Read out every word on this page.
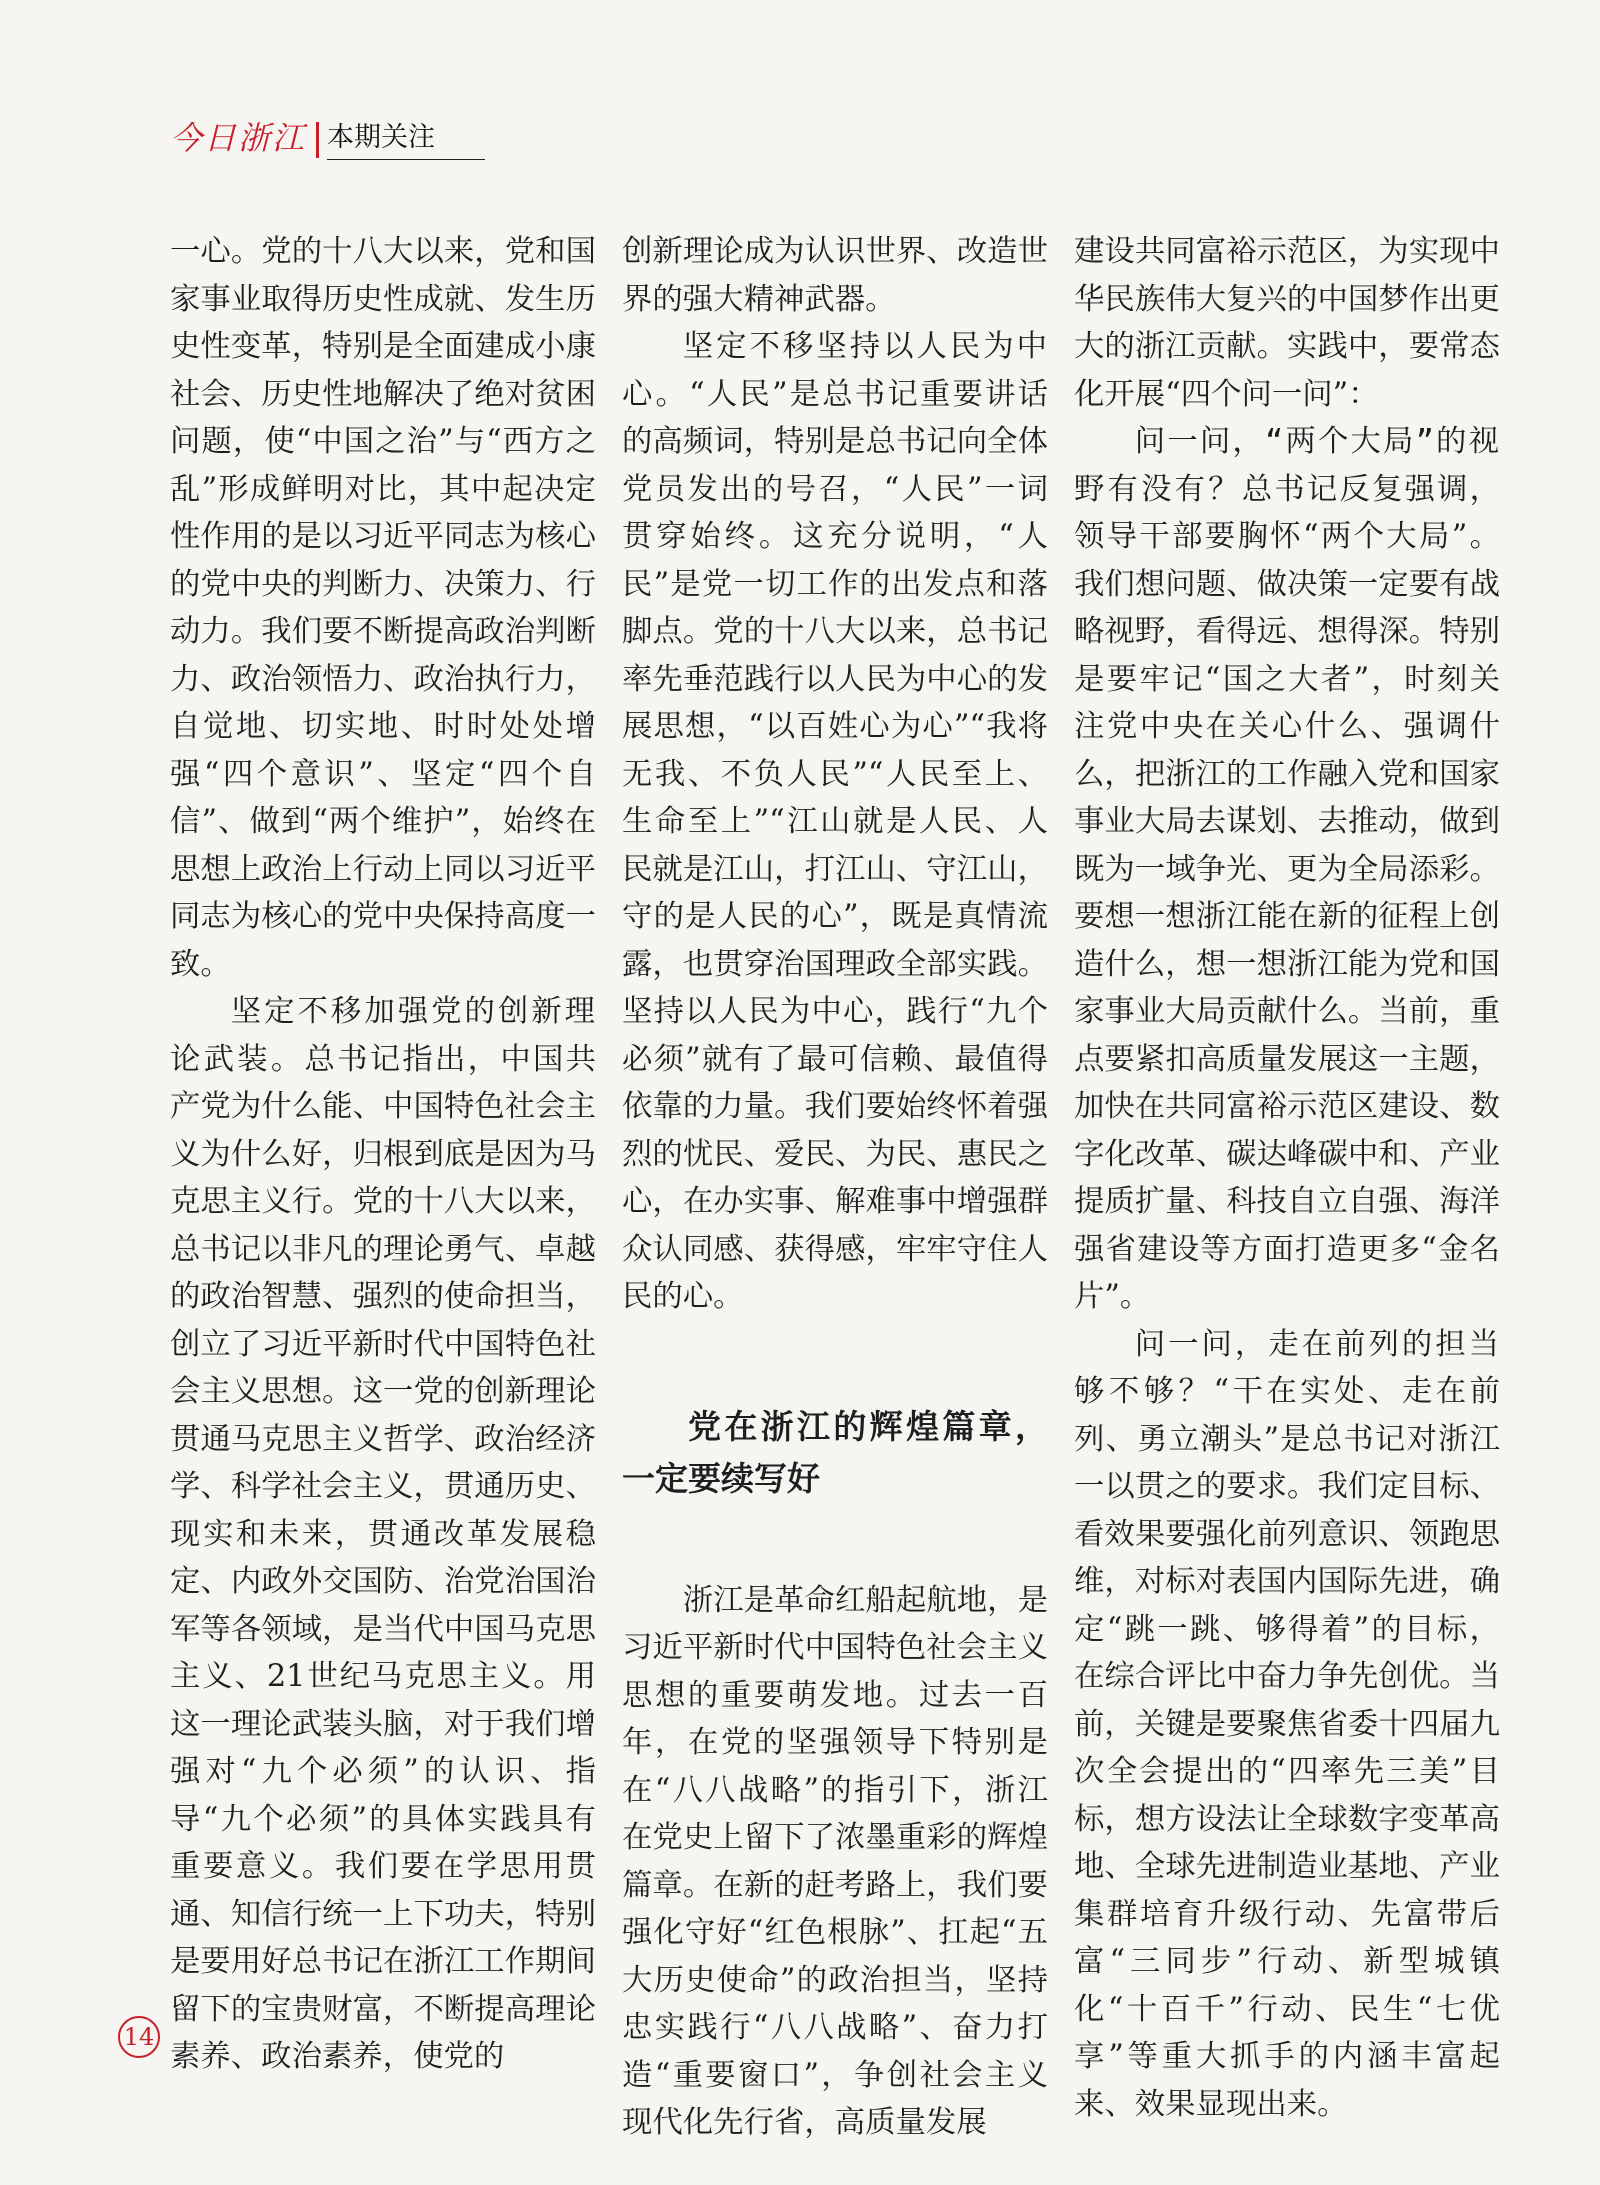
今日浙江 本期关注

一心。党的十八大以来，党和国家事业取得历史性成就、发生历史性变革，特别是全面建成小康社会、历史性地解决了绝对贫困问题，使“中国之治”与“西方之乱”形成鲜明对比，其中起决定性作用的是以习近平同志为核心的党中央的判断力、决策力、行动力。我们要不断提高政治判断力、政治领悟力、政治执行力，自觉地、切实地、时时处处增强“四个意识”、坚定“四个自信”、做到“两个维护”，始终在思想上政治上行动上同以习近平同志为核心的党中央保持高度一致。

坚定不移加强党的创新理论武装。总书记指出，中国共产党为什么能、中国特色社会主义为什么好，归根到底是因为马克思主义行。党的十八大以来，总书记以非凡的理论勇气、卓越的政治智慧、强烈的使命担当，创立了习近平新时代中国特色社会主义思想。这一党的创新理论贯通马克思主义哲学、政治经济学、科学社会主义，贯通历史、现实和未来，贯通改革发展稳定、内政外交国防、治党治国治军等各领域，是当代中国马克思主义、21世纪马克思主义。用这一理论武装头脑，对于我们增强对“九个必须”的认识、指导“九个必须”的具体实践具有重要意义。我们要在学思用贯通、知信行统一上下功夫，特别是要用好总书记在浙江工作期间留下的宝贵财富，不断提高理论素养、政治素养，使党的

创新理论成为认识世界、改造世界的强大精神武器。

坚定不移坚持以人民为中心。“人民”是总书记重要讲话的高频词，特别是总书记向全体党员发出的号召，“人民”一词贯穿始终。这充分说明，“人民”是党一切工作的出发点和落脚点。党的十八大以来，总书记率先垂范践行以人民为中心的发展思想，“以百姓心为心”“我将无我、不负人民”“人民至上、生命至上”“江山就是人民、人民就是江山，打江山、守江山，守的是人民的心”，既是真情流露，也贯穿治国理政全部实践。坚持以人民为中心，践行“九个必须”就有了最可信赖、最值得依靠的力量。我们要始终怀着强烈的忧民、爱民、为民、惠民之心，在办实事、解难事中增强群众认同感、获得感，牢牢守住人民的心。

党在浙江的辉煌篇章，一定要续写好

浙江是革命红船起航地，是习近平新时代中国特色社会主义思想的重要萌发地。过去一百年，在党的坚强领导下特别是在“八八战略”的指引下，浙江在党史上留下了浓墨重彩的辉煌篇章。在新的赶考路上，我们要强化守好“红色根脉”、扛起“五大历史使命”的政治担当，坚持忠实践行“八八战略”、奋力打造“重要窗口”，争创社会主义现代化先行省，高质量发展

建设共同富裕示范区，为实现中华民族伟大复兴的中国梦作出更大的浙江贡献。实践中，要常态化开展“四个问一问”：

问一问，“两个大局”的视野有没有？总书记反复强调，领导干部要胸怀“两个大局”。我们想问题、做决策一定要有战略视野，看得远、想得深。特别是要牢记“国之大者”，时刻关注党中央在关心什么、强调什么，把浙江的工作融入党和国家事业大局去谋划、去推动，做到既为一域争光、更为全局添彩。要想一想浙江能在新的征程上创造什么，想一想浙江能为党和国家事业大局贡献什么。当前，重点要紧扣高质量发展这一主题，加快在共同富裕示范区建设、数字化改革、碳达峰碳中和、产业提质扩量、科技自立自强、海洋强省建设等方面打造更多“金名片”。

问一问，走在前列的担当够不够？“干在实处、走在前列、勇立潮头”是总书记对浙江一以贯之的要求。我们定目标、看效果要强化前列意识、领跑思维，对标对表国内国际先进，确定“跳一跳、够得着”的目标，在综合评比中奋力争先创优。当前，关键是要聚焦省委十四届九次全会提出的“四率先三美”目标，想方设法让全球数字变革高地、全球先进制造业基地、产业集群培育升级行动、先富带后富“三同步”行动、新型城镇化“十百千”行动、民生“七优享”等重大抓手的内涵丰富起来、效果显现出来。

14
